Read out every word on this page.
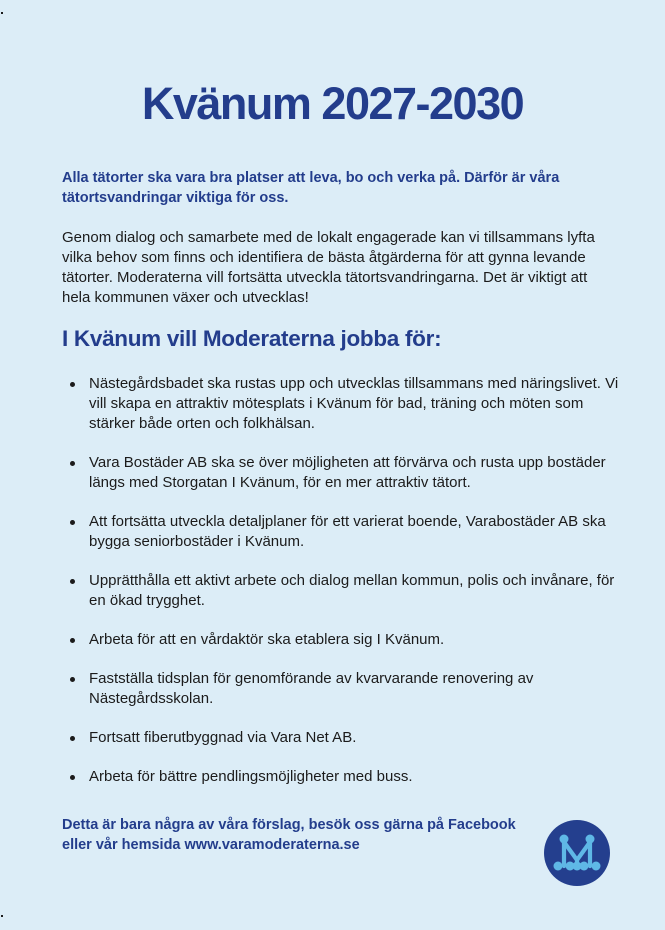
Kvänum 2027-2030

Alla tätorter ska vara bra platser att leva, bo och verka på. Därför är våra tätortsvandringar viktiga för oss.

Genom dialog och samarbete med de lokalt engagerade kan vi tillsammans lyfta vilka behov som finns och identifiera de bästa åtgärderna för att gynna levande tätorter. Moderaterna vill fortsätta utveckla tätortsvandringarna. Det är viktigt att hela kommunen växer och utvecklas!

I Kvänum vill Moderaterna jobba för:
Nästegårdsbadet ska rustas upp och utvecklas tillsammans med näringslivet. Vi vill skapa en attraktiv mötesplats i Kvänum för bad, träning och möten som stärker både orten och folkhälsan.
Vara Bostäder AB ska se över möjligheten att förvärva och rusta upp bostäder längs med Storgatan I Kvänum, för en mer attraktiv tätort.
Att fortsätta utveckla detaljplaner för ett varierat boende, Varabostäder AB ska bygga seniorbostäder i Kvänum.
Upprätthålla ett aktivt arbete och dialog mellan kommun, polis och invånare, för en ökad trygghet.
Arbeta för att en vårdaktör ska etablera sig I Kvänum.
Fastställa tidsplan för genomförande av kvarvarande renovering av Nästegårdsskolan.
Fortsatt fiberutbyggnad via Vara Net AB.
Arbeta för bättre pendlingsmöjligheter med buss.

Detta är bara några av våra förslag, besök oss gärna på Facebook eller vår hemsida www.varamoderaterna.se
